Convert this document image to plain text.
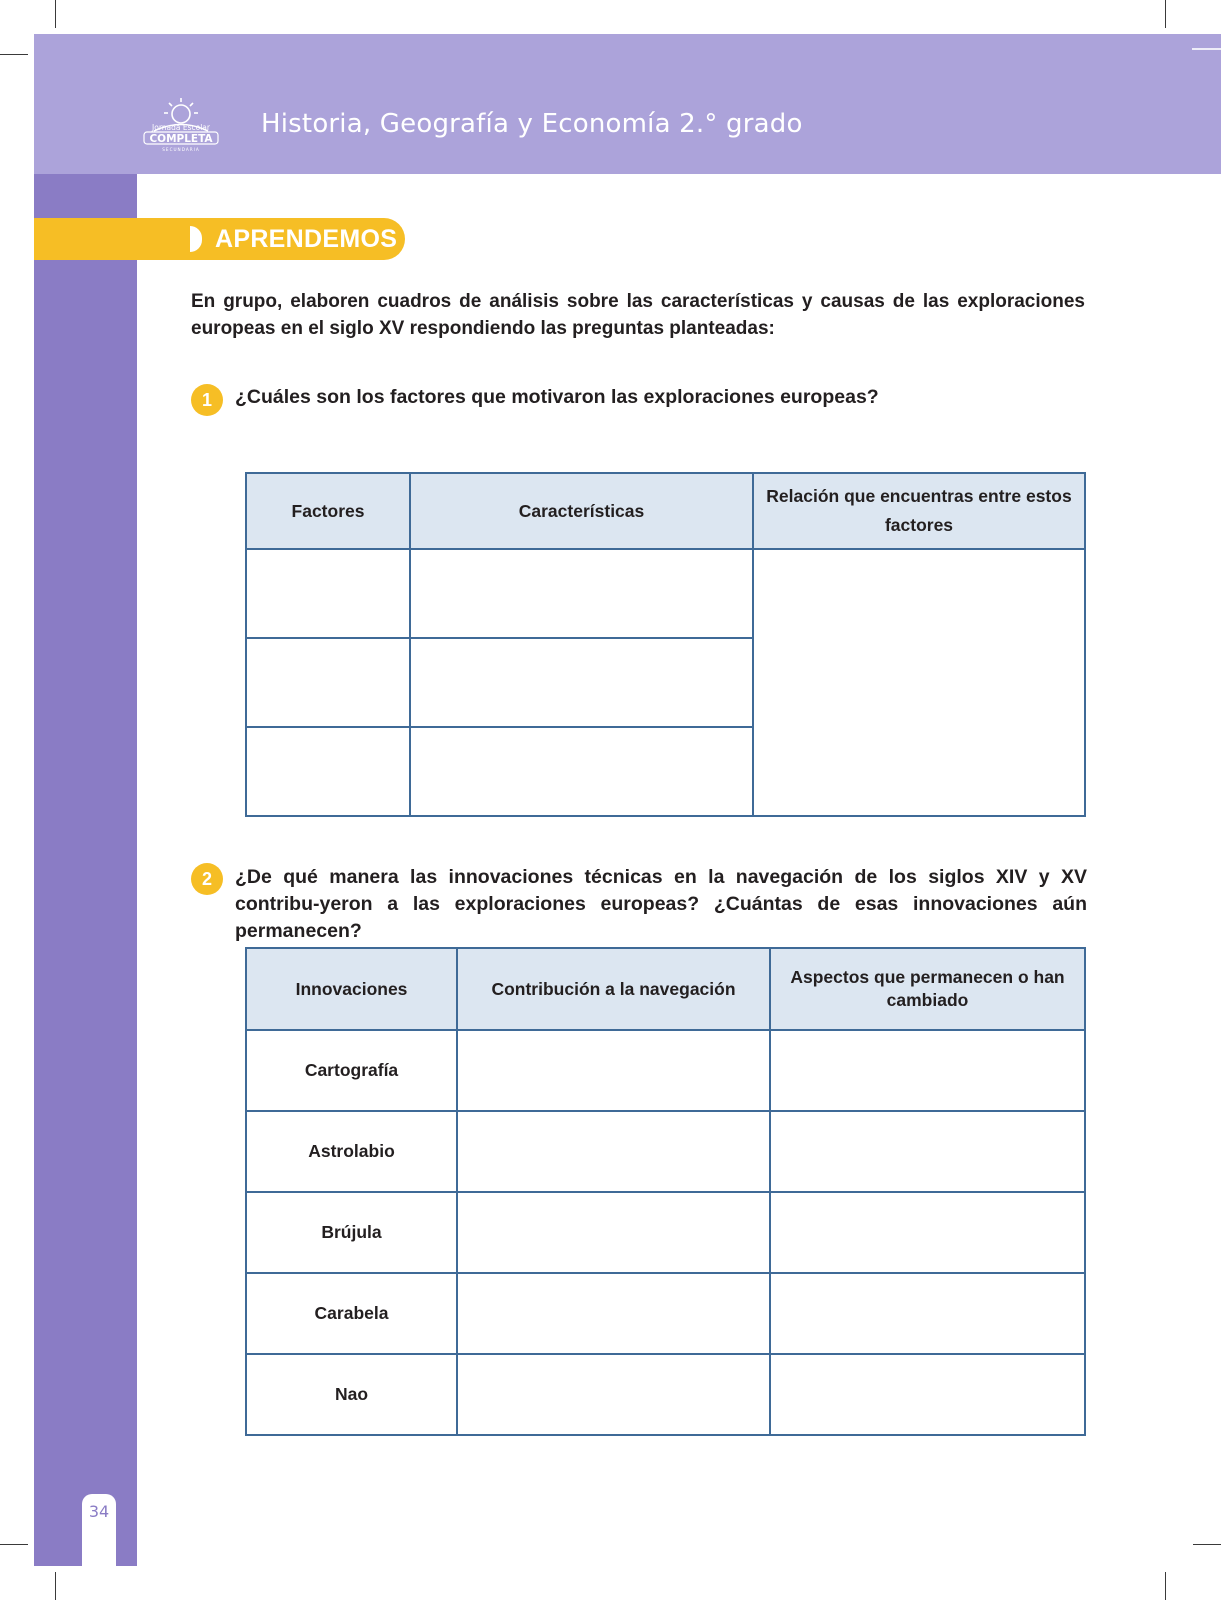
Jornada Escolar
COMPLETA
SECUNDARIA
Historia, Geografía y Economía 2.° grado
34
APRENDEMOS
En grupo, elaboren cuadros de análisis sobre las características y causas de las exploraciones europeas en el siglo XV respondiendo las preguntas planteadas:
1	¿Cuáles son los factores que motivaron las exploraciones europeas?
Factores	Características	Relación que encuentras entre estos factores

2	¿De qué manera las innovaciones técnicas en la navegación de los siglos XIV y XV contribu-yeron a las exploraciones europeas? ¿Cuántas de esas innovaciones aún permanecen?
Innovaciones	Contribución a la navegación	Aspectos que permanecen o han cambiado
Cartografía		
Astrolabio		
Brújula		
Carabela		
Nao		
